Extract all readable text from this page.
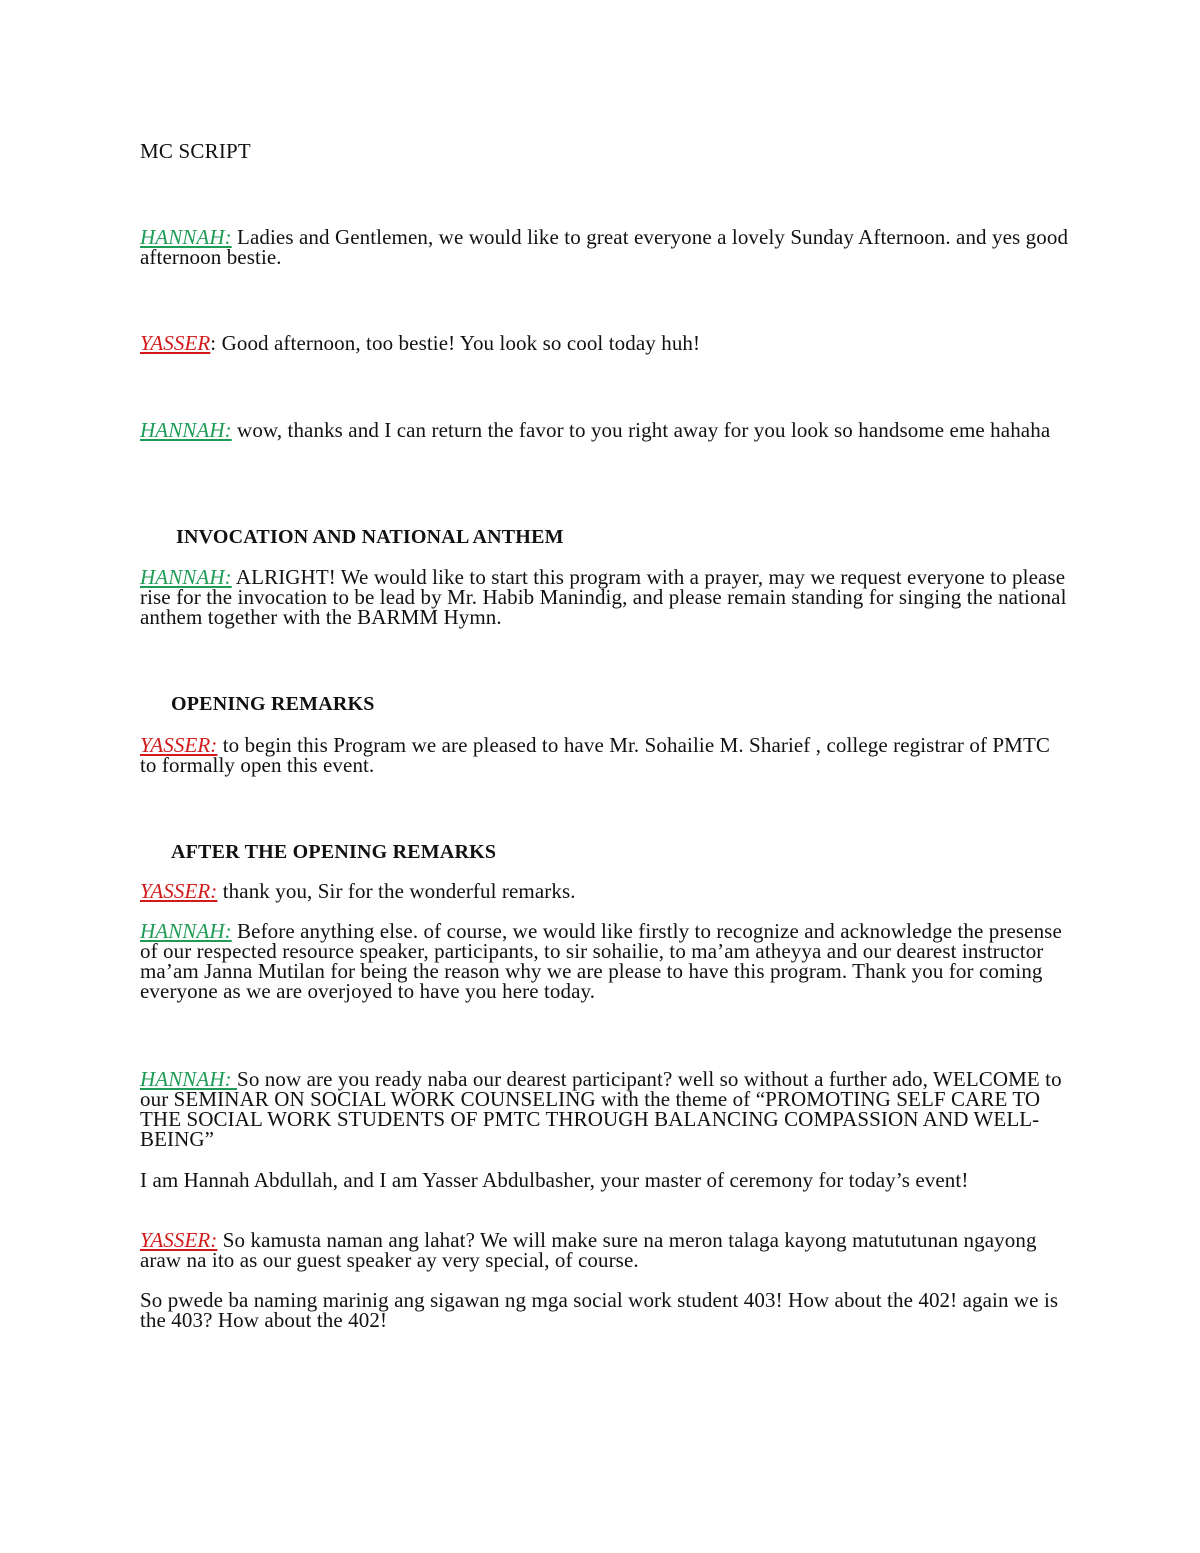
MC SCRIPT
HANNAH: Ladies and Gentlemen, we would like to great everyone a lovely Sunday Afternoon. and yes good afternoon bestie.
YASSER: Good afternoon, too bestie! You look so cool today huh!
HANNAH: wow, thanks and I can return the favor to you right away for you look so handsome eme hahaha
INVOCATION AND NATIONAL ANTHEM
HANNAH: ALRIGHT! We would like to start this program with a prayer, may we request everyone to please rise for the invocation to be lead by Mr. Habib Manindig, and please remain standing for singing the national anthem together with the BARMM Hymn.
OPENING REMARKS
YASSER: to begin this Program we are pleased to have Mr. Sohailie M. Sharief , college registrar of PMTC to formally open this event.
AFTER THE OPENING REMARKS
YASSER: thank you, Sir for the wonderful remarks.
HANNAH: Before anything else. of course, we would like firstly to recognize and acknowledge the presense of our respected resource speaker, participants, to sir sohailie, to ma’am atheyya and our dearest instructor ma’am Janna Mutilan for being the reason why we are please to have this program. Thank you for coming everyone as we are overjoyed to have you here today.
HANNAH: So now are you ready naba our dearest participant? well so without a further ado, WELCOME to our SEMINAR ON SOCIAL WORK COUNSELING with the theme of “PROMOTING SELF CARE TO THE SOCIAL WORK STUDENTS OF PMTC THROUGH BALANCING COMPASSION AND WELL-BEING”
I am Hannah Abdullah, and I am Yasser Abdulbasher, your master of ceremony for today’s event!
YASSER: So kamusta naman ang lahat? We will make sure na meron talaga kayong matututunan ngayong araw na ito as our guest speaker ay very special, of course.
So pwede ba naming marinig ang sigawan ng mga social work student 403! How about the 402! again we is the 403? How about the 402!
